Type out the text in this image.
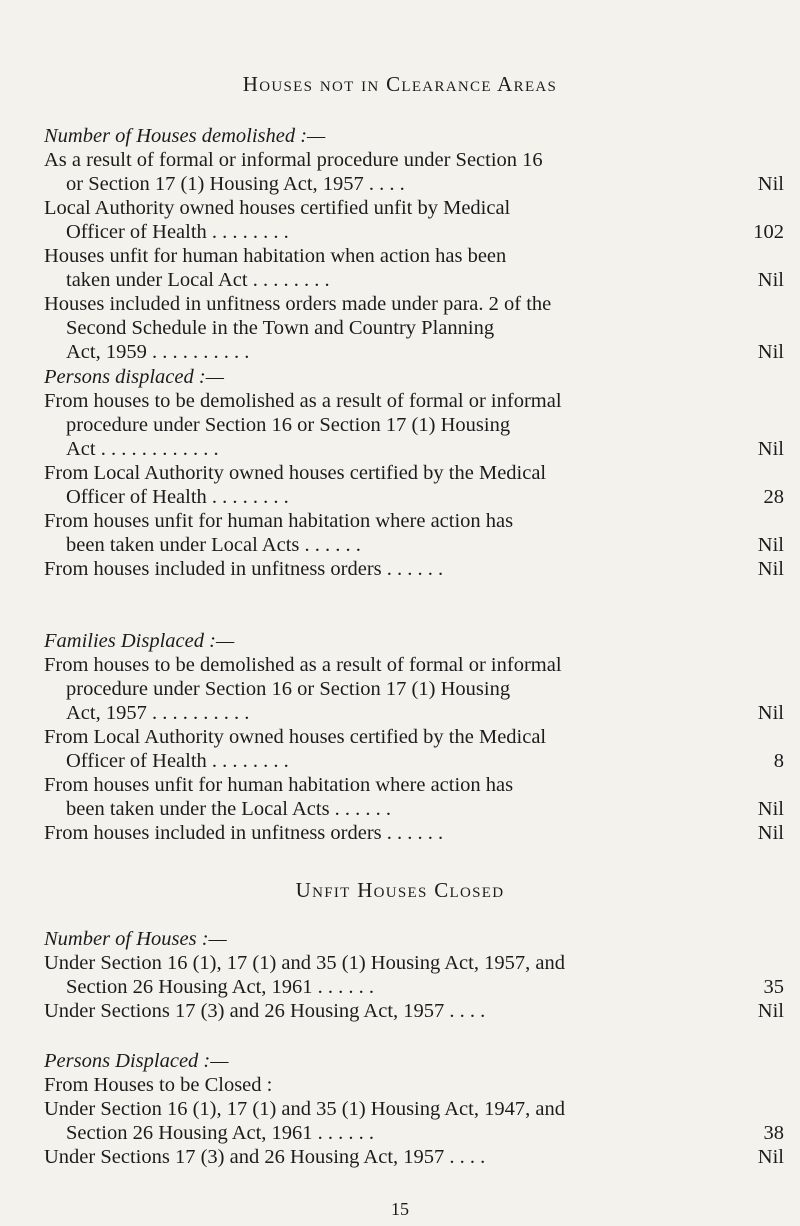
Houses not in Clearance Areas

Number of Houses demolished :—

As a result of formal or informal procedure under Section 16
or Section 17 (1) Housing Act, 1957 . . . .	Nil
Local Authority owned houses certified unfit by Medical
Officer of Health . . . . . . . .	102
Houses unfit for human habitation when action has been
taken under Local Act . . . . . . . .	Nil
Houses included in unfitness orders made under para. 2 of the
Second Schedule in the Town and Country Planning
Act, 1959 . . . . . . . . . .	Nil

Persons displaced :—

From houses to be demolished as a result of formal or informal
procedure under Section 16 or Section 17 (1) Housing
Act . . . . . . . . . . . .	Nil
From Local Authority owned houses certified by the Medical
Officer of Health . . . . . . . .	28
From houses unfit for human habitation where action has
been taken under Local Acts . . . . . .	Nil
From houses included in unfitness orders . . . . . .	Nil

Families Displaced :—

From houses to be demolished as a result of formal or informal
procedure under Section 16 or Section 17 (1) Housing
Act, 1957 . . . . . . . . . .	Nil
From Local Authority owned houses certified by the Medical
Officer of Health . . . . . . . .	8
From houses unfit for human habitation where action has
been taken under the Local Acts . . . . . .	Nil
From houses included in unfitness orders . . . . . .	Nil
Unfit Houses Closed

Number of Houses :—

Under Section 16 (1), 17 (1) and 35 (1) Housing Act, 1957, and
Section 26 Housing Act, 1961 . . . . . .	35
Under Sections 17 (3) and 26 Housing Act, 1957 . . . .	Nil

Persons Displaced :—

From Houses to be Closed :
Under Section 16 (1), 17 (1) and 35 (1) Housing Act, 1947, and
Section 26 Housing Act, 1961 . . . . . .	38
Under Sections 17 (3) and 26 Housing Act, 1957 . . . .	Nil
15
